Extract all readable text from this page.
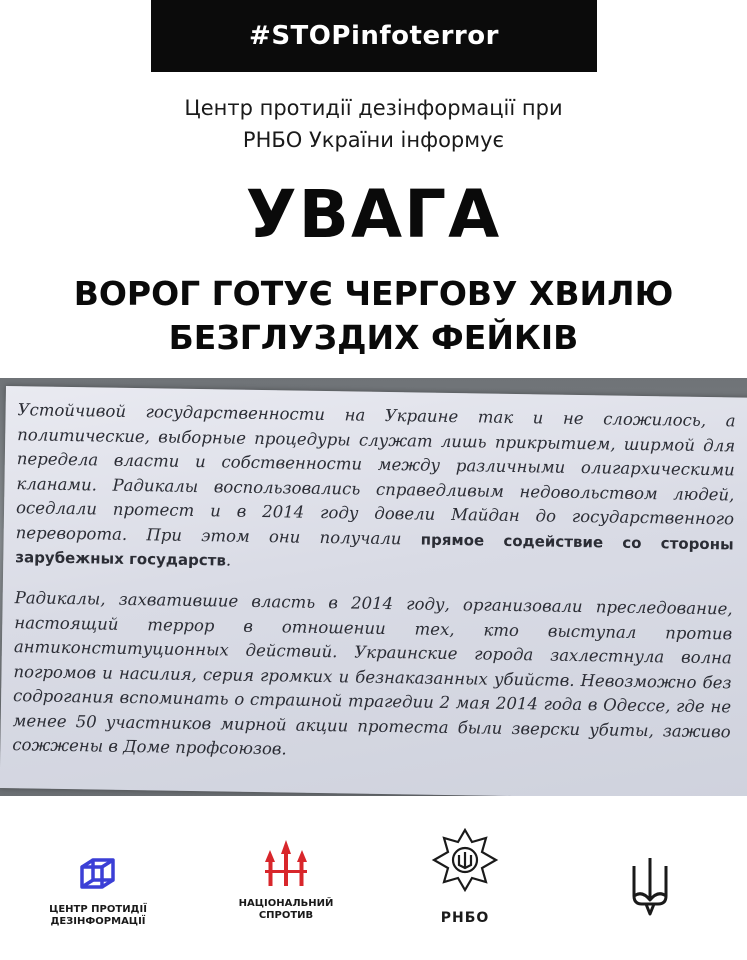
#STOPinfoterror
Центр протидії дезінформації при
РНБО України інформує
УВАГА
ВОРОГ ГОТУЄ ЧЕРГОВУ ХВИЛЮ
БЕЗГЛУЗДИХ ФЕЙКІВ

Устойчивой государственности на Украине так и не сложилось, а политические, выборные процедуры служат лишь прикрытием, ширмой для передела власти и собственности между различными олигархическими кланами. Радикалы воспользовались справедливым недовольством людей, оседлали протест и в 2014 году довели Майдан до государственного переворота. При этом они получали прямое содействие со стороны зарубежных государств.

Радикалы, захватившие власть в 2014 году, организовали преследование, настоящий террор в отношении тех, кто выступал против антиконституционных действий. Украинские города захлестнула волна погромов и насилия, серия громких и безнаказанных убийств. Невозможно без содрогания вспоминать о страшной трагедии 2 мая 2014 года в Одессе, где не менее 50 участников мирной акции протеста были зверски убиты, заживо сожжены в Доме профсоюзов.

ЦЕНТР ПРОТИДІЇ
ДЕЗІНФОРМАЦІЇ
НАЦІОНАЛЬНИЙ
СПРОТИВ	РНБО
